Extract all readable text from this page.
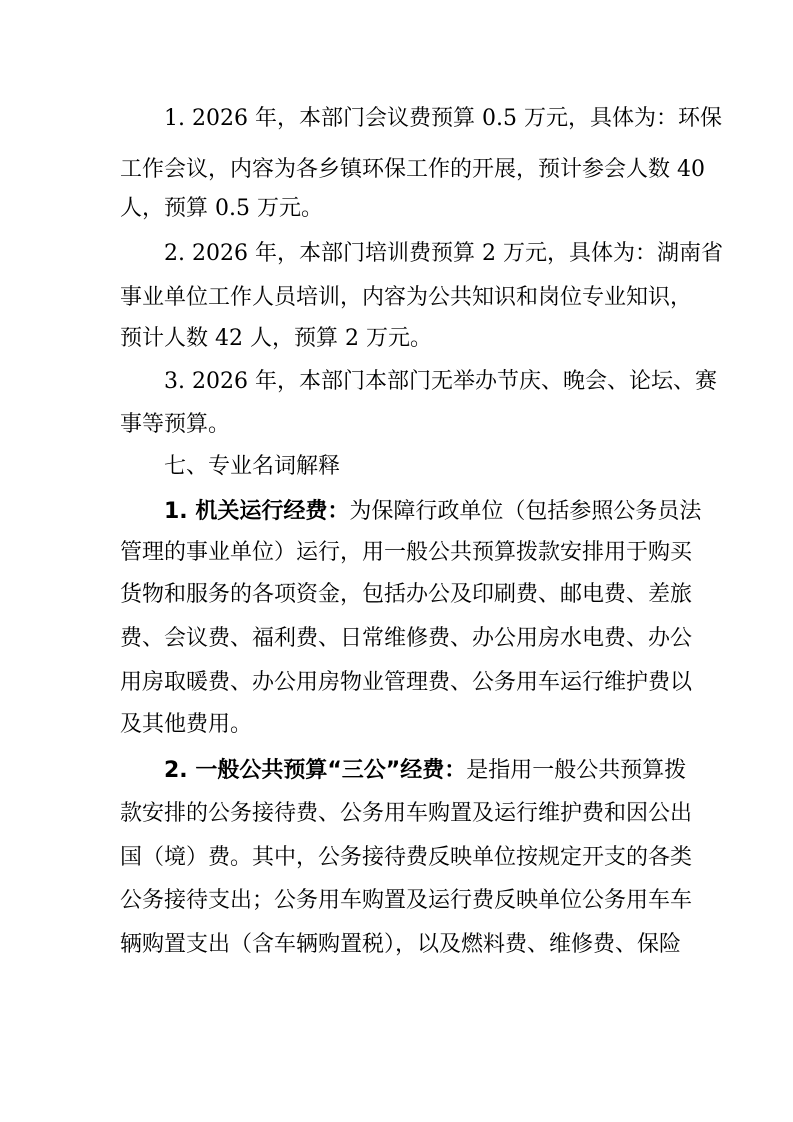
1. 2026 年，本部门会议费预算 0.5 万元，具体为：环保
工作会议，内容为各乡镇环保工作的开展，预计参会人数 40
人，预算 0.5 万元。
2. 2026 年，本部门培训费预算 2 万元，具体为：湖南省
事业单位工作人员培训，内容为公共知识和岗位专业知识，
预计人数 42 人，预算 2 万元。
3. 2026 年，本部门本部门无举办节庆、晚会、论坛、赛
事等预算。
七、专业名词解释
1. 机关运行经费：为保障行政单位（包括参照公务员法
管理的事业单位）运行，用一般公共预算拨款安排用于购买
货物和服务的各项资金，包括办公及印刷费、邮电费、差旅
费、会议费、福利费、日常维修费、办公用房水电费、办公
用房取暖费、办公用房物业管理费、公务用车运行维护费以
及其他费用。
2. 一般公共预算“三公”经费：是指用一般公共预算拨
款安排的公务接待费、公务用车购置及运行维护费和因公出
国（境）费。其中，公务接待费反映单位按规定开支的各类
公务接待支出；公务用车购置及运行费反映单位公务用车车
辆购置支出（含车辆购置税），以及燃料费、维修费、保险
